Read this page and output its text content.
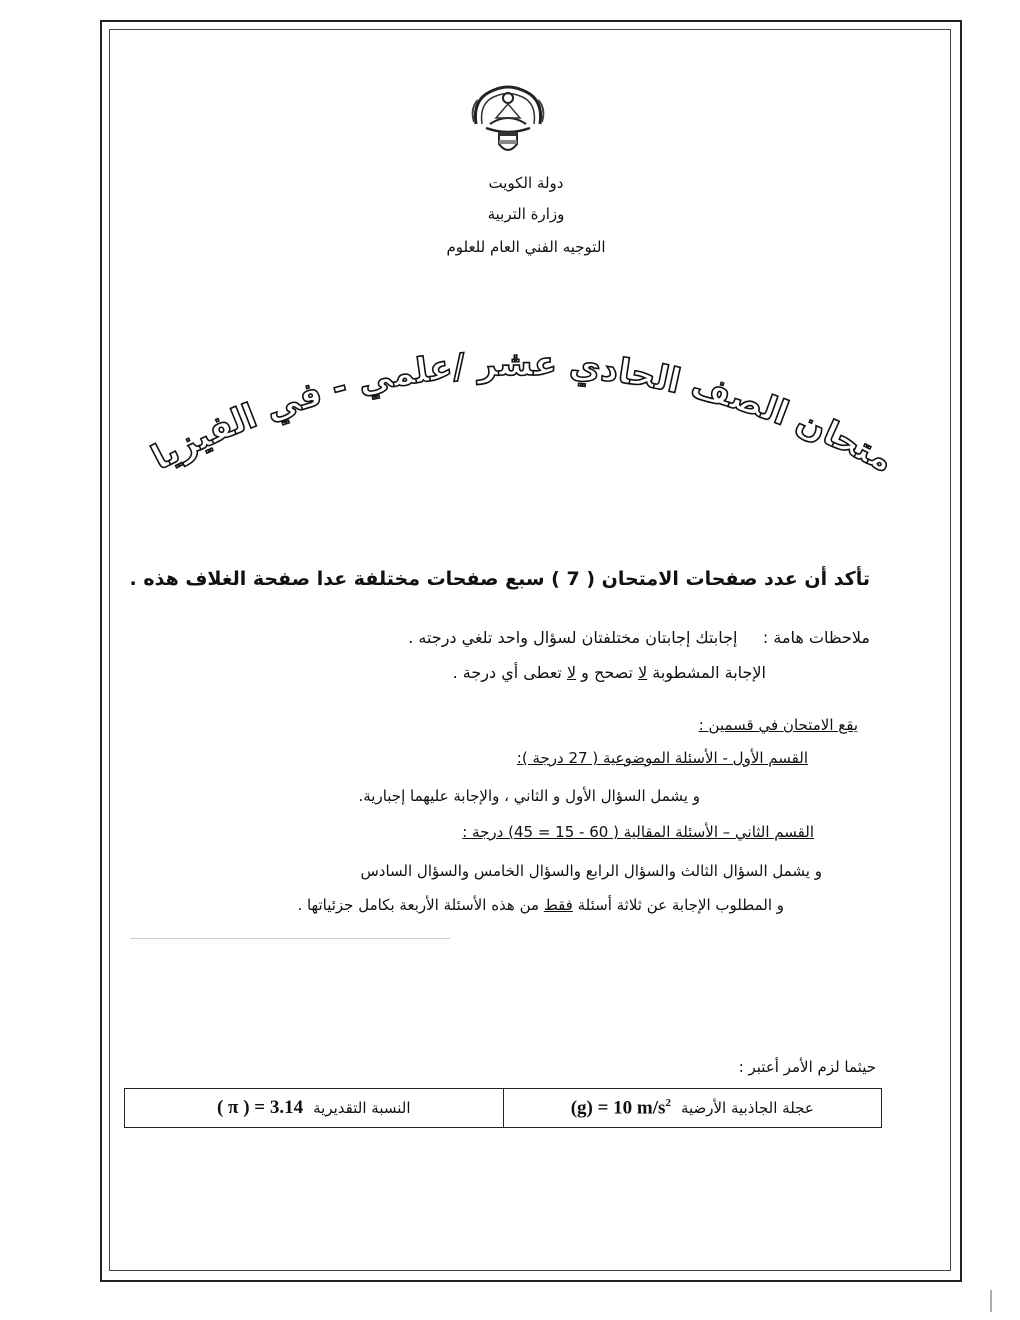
دولة الكويت
وزارة التربية
التوجيه الفني العام للعلوم
امتحان الصف الحادي عشر /علمي - في الفيزياء
تأكد أن عدد صفحات الامتحان ( 7 ) سبع صفحات مختلفة عدا صفحة الغلاف هذه .
ملاحظات هامة :     إجابتك إجابتان مختلفتان لسؤال واحد تلغي درجته .
الإجابة المشطوبة لا تصحح و لا تعطى أي درجة .
يقع الامتحان في قسمين :
القسم الأول - الأسئلة الموضوعية ( 27 درجة ):
و يشمل السؤال الأول و الثاني ، والإجابة عليهما إجبارية.
القسم الثاني – الأسئلة المقالية ( 60 - 15 = 45) درجة :
و يشمل السؤال الثالث والسؤال الرابع والسؤال الخامس والسؤال السادس
و المطلوب الإجابة عن ثلاثة أسئلة فقط من هذه الأسئلة الأربعة بكامل جزئياتها .
حيثما لزم الأمر أعتبر :
عجلة الجاذبية الأرضية
(g) = 10 $m/s^2$
النسبة التقديرية
( π ) = 3.14
